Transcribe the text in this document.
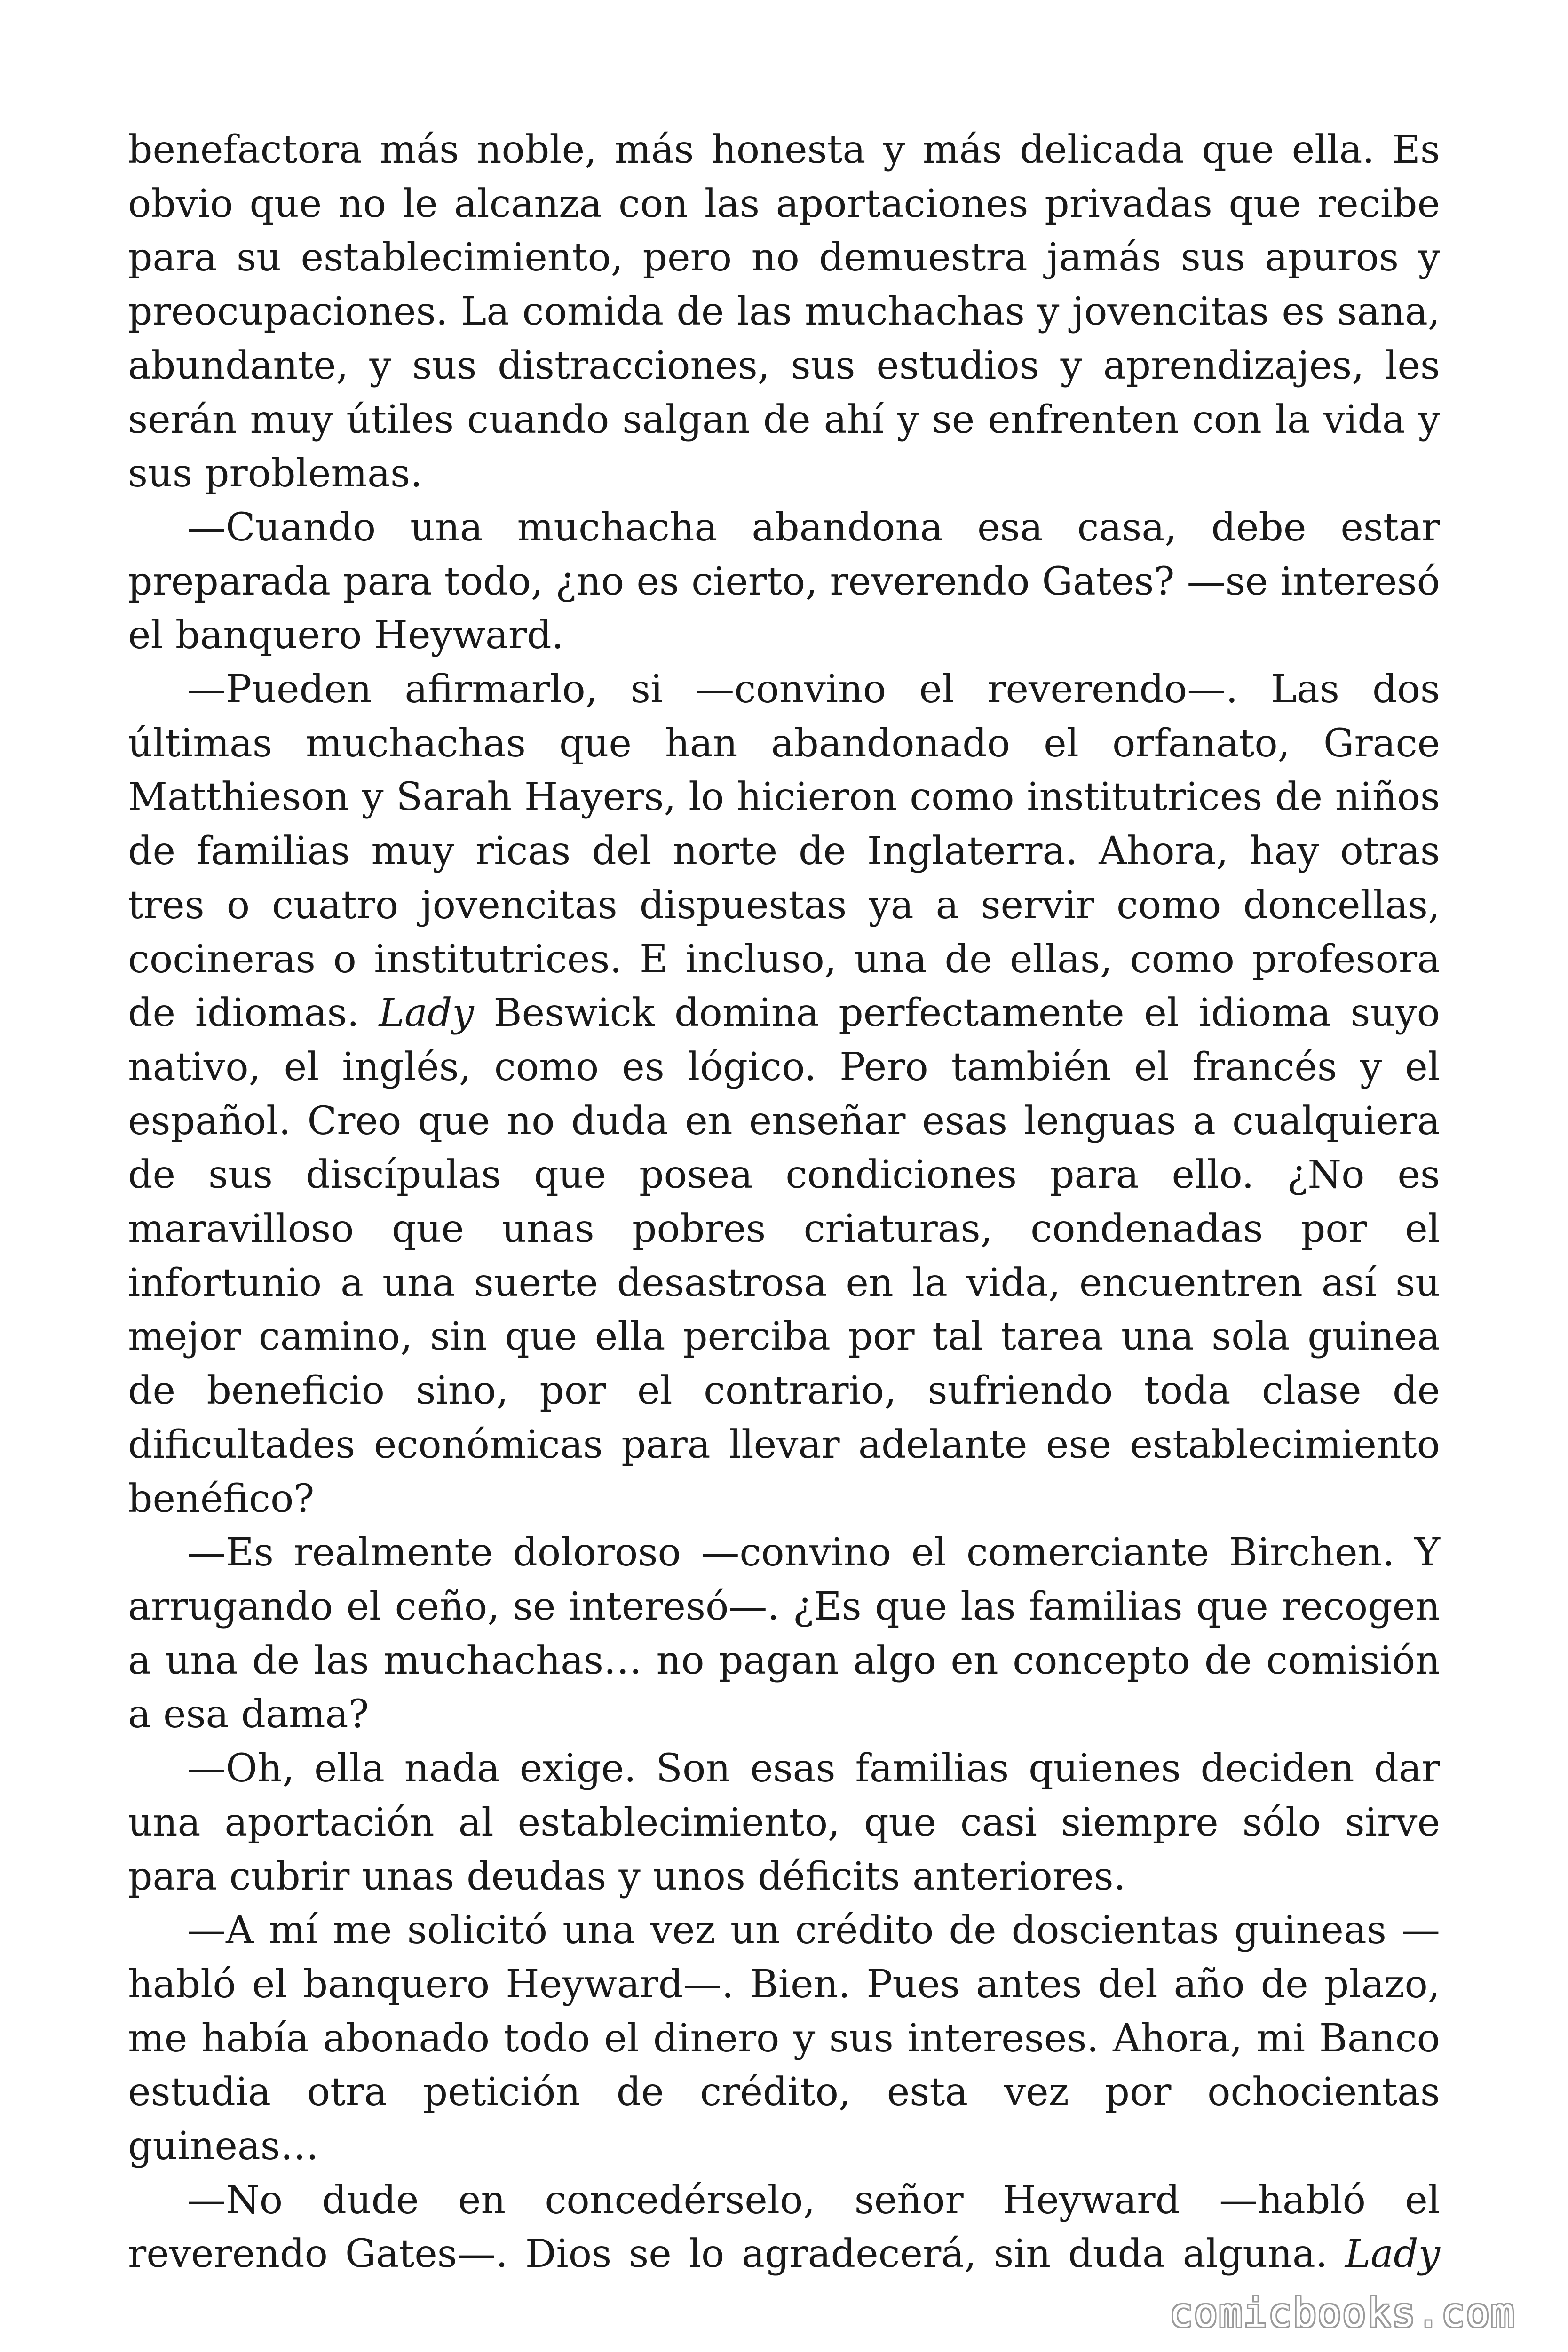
benefactora más noble, más honesta y más delicada que ella. Es obvio que no le alcanza con las aportaciones privadas que recibe para su establecimiento, pero no demuestra jamás sus apuros y preocupaciones. La comida de las muchachas y jovencitas es sana, abundante, y sus distracciones, sus estudios y aprendizajes, les serán muy útiles cuando salgan de ahí y se enfrenten con la vida y sus problemas.

—Cuando una muchacha abandona esa casa, debe estar preparada para todo, ¿no es cierto, reverendo Gates? —se interesó el banquero Heyward.

—Pueden afirmarlo, si —convino el reverendo—. Las dos últimas muchachas que han abandonado el orfanato, Grace Matthieson y Sarah Hayers, lo hicieron como institutrices de niños de familias muy ricas del norte de Inglaterra. Ahora, hay otras tres o cuatro jovencitas dispuestas ya a servir como doncellas, cocineras o institutrices. E incluso, una de ellas, como profesora de idiomas. Lady Beswick domina perfectamente el idioma suyo nativo, el inglés, como es lógico. Pero también el francés y el español. Creo que no duda en enseñar esas lenguas a cualquiera de sus discípulas que posea condiciones para ello. ¿No es maravilloso que unas pobres criaturas, condenadas por el infortunio a una suerte desastrosa en la vida, encuentren así su mejor camino, sin que ella perciba por tal tarea una sola guinea de beneficio sino, por el contrario, sufriendo toda clase de dificultades económicas para llevar adelante ese establecimiento benéfico?

—Es realmente doloroso —convino el comerciante Birchen. Y arrugando el ceño, se interesó—. ¿Es que las familias que recogen a una de las muchachas… no pagan algo en concepto de comisión a esa dama?

—Oh, ella nada exige. Son esas familias quienes deciden dar una aportación al establecimiento, que casi siempre sólo sirve para cubrir unas deudas y unos déficits anteriores.

—A mí me solicitó una vez un crédito de doscientas guineas —habló el banquero Heyward—. Bien. Pues antes del año de plazo, me había abonado todo el dinero y sus intereses. Ahora, mi Banco estudia otra petición de crédito, esta vez por ochocientas guineas…

—No dude en concedérselo, señor Heyward —habló el reverendo Gates—. Dios se lo agradecerá, sin duda alguna. Lady

comicbooks.com
